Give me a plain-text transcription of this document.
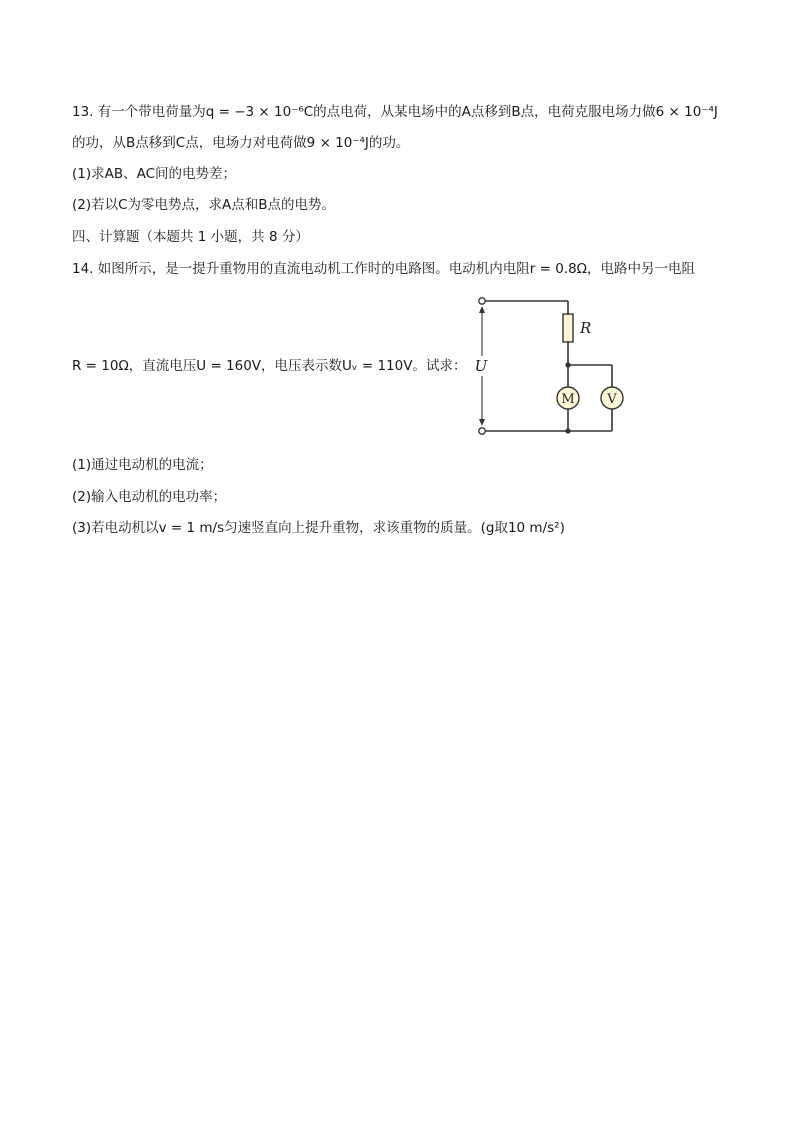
13. 有一个带电荷量为q = −3 × 10⁻⁶C的点电荷，从某电场中的A点移到B点，电荷克服电场力做6 × 10⁻⁴J
的功，从B点移到C点，电场力对电荷做9 × 10⁻⁴J的功。
(1)求AB、AC间的电势差；
(2)若以C为零电势点，求A点和B点的电势。
四、计算题（本题共 1 小题，共 8 分）
14. 如图所示，是一提升重物用的直流电动机工作时的电路图。电动机内电阻r = 0.8Ω，电路中另一电阻
R = 10Ω，直流电压U = 160V，电压表示数Uᵥ = 110V。试求：
R
M	V
U
(1)通过电动机的电流；
(2)输入电动机的电功率；
(3)若电动机以v = 1 m/s匀速竖直向上提升重物，求该重物的质量。(g取10 m/s²)
